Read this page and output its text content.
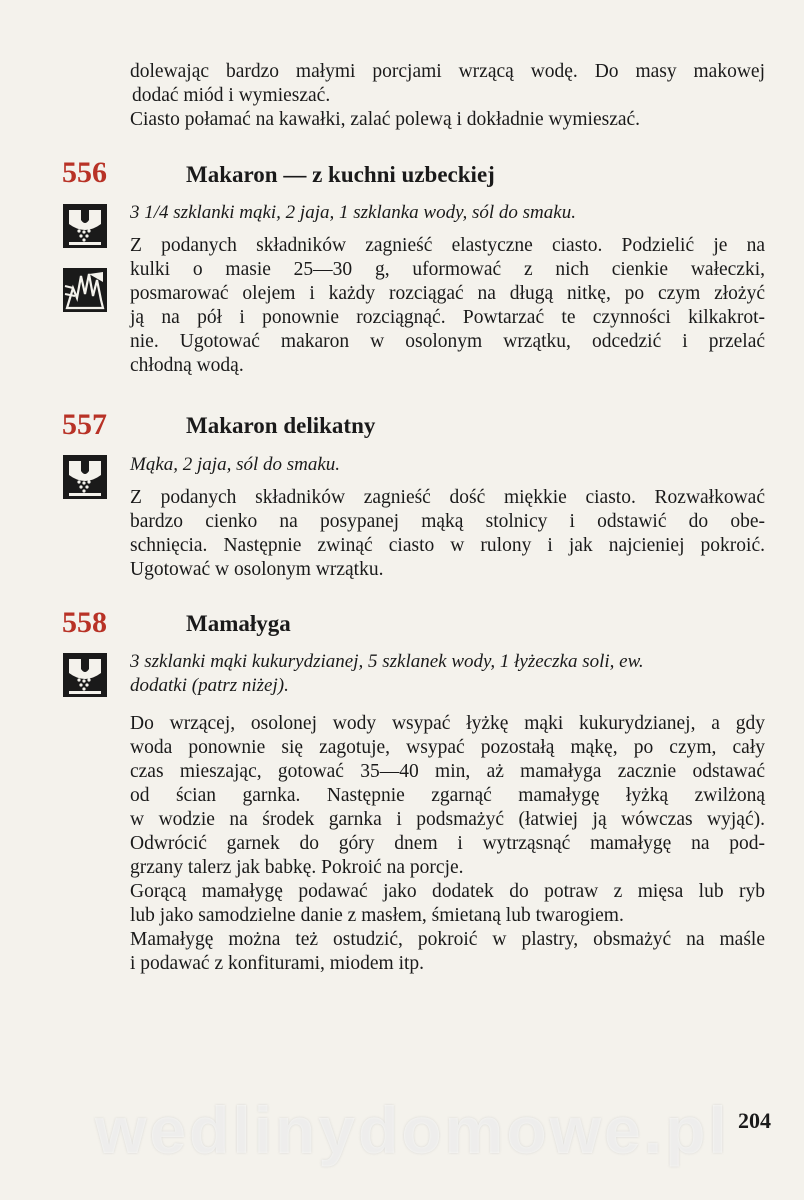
dolewając bardzo małymi porcjami wrzącą wodę. Do masy makowej
dodać miód i wymieszać.
Ciasto połamać na kawałki, zalać polewą i dokładnie wymieszać.
556	Makaron — z kuchni uzbeckiej
3 1/4 szklanki mąki, 2 jaja, 1 szklanka wody, sól do smaku.
Z podanych składników zagnieść elastyczne ciasto. Podzielić je na
kulki o masie 25—30 g, uformować z nich cienkie wałeczki,
posmarować olejem i każdy rozciągać na długą nitkę, po czym złożyć
ją na pół i ponownie rozciągnąć. Powtarzać te czynności kilkakrot-
nie. Ugotować makaron w osolonym wrzątku, odcedzić i przelać
chłodną wodą.
557	Makaron delikatny
Mąka, 2 jaja, sól do smaku.
Z podanych składników zagnieść dość miękkie ciasto. Rozwałkować
bardzo cienko na posypanej mąką stolnicy i odstawić do obe-
schnięcia. Następnie zwinąć ciasto w rulony i jak najcieniej pokroić.
Ugotować w osolonym wrzątku.
558	Mamałyga
3 szklanki mąki kukurydzianej, 5 szklanek wody, 1 łyżeczka soli, ew.
dodatki (patrz niżej).
Do wrzącej, osolonej wody wsypać łyżkę mąki kukurydzianej, a gdy
woda ponownie się zagotuje, wsypać pozostałą mąkę, po czym, cały
czas mieszając, gotować 35—40 min, aż mamałyga zacznie odstawać
od ścian garnka. Następnie zgarnąć mamałygę łyżką zwilżoną
w wodzie na środek garnka i podsmażyć (łatwiej ją wówczas wyjąć).
Odwrócić garnek do góry dnem i wytrząsnąć mamałygę na pod-
grzany talerz jak babkę. Pokroić na porcje.
Gorącą mamałygę podawać jako dodatek do potraw z mięsa lub ryb
lub jako samodzielne danie z masłem, śmietaną lub twarogiem.
Mamałygę można też ostudzić, pokroić w plastry, obsmażyć na maśle
i podawać z konfiturami, miodem itp.
wedlinydomowe.pl 204
